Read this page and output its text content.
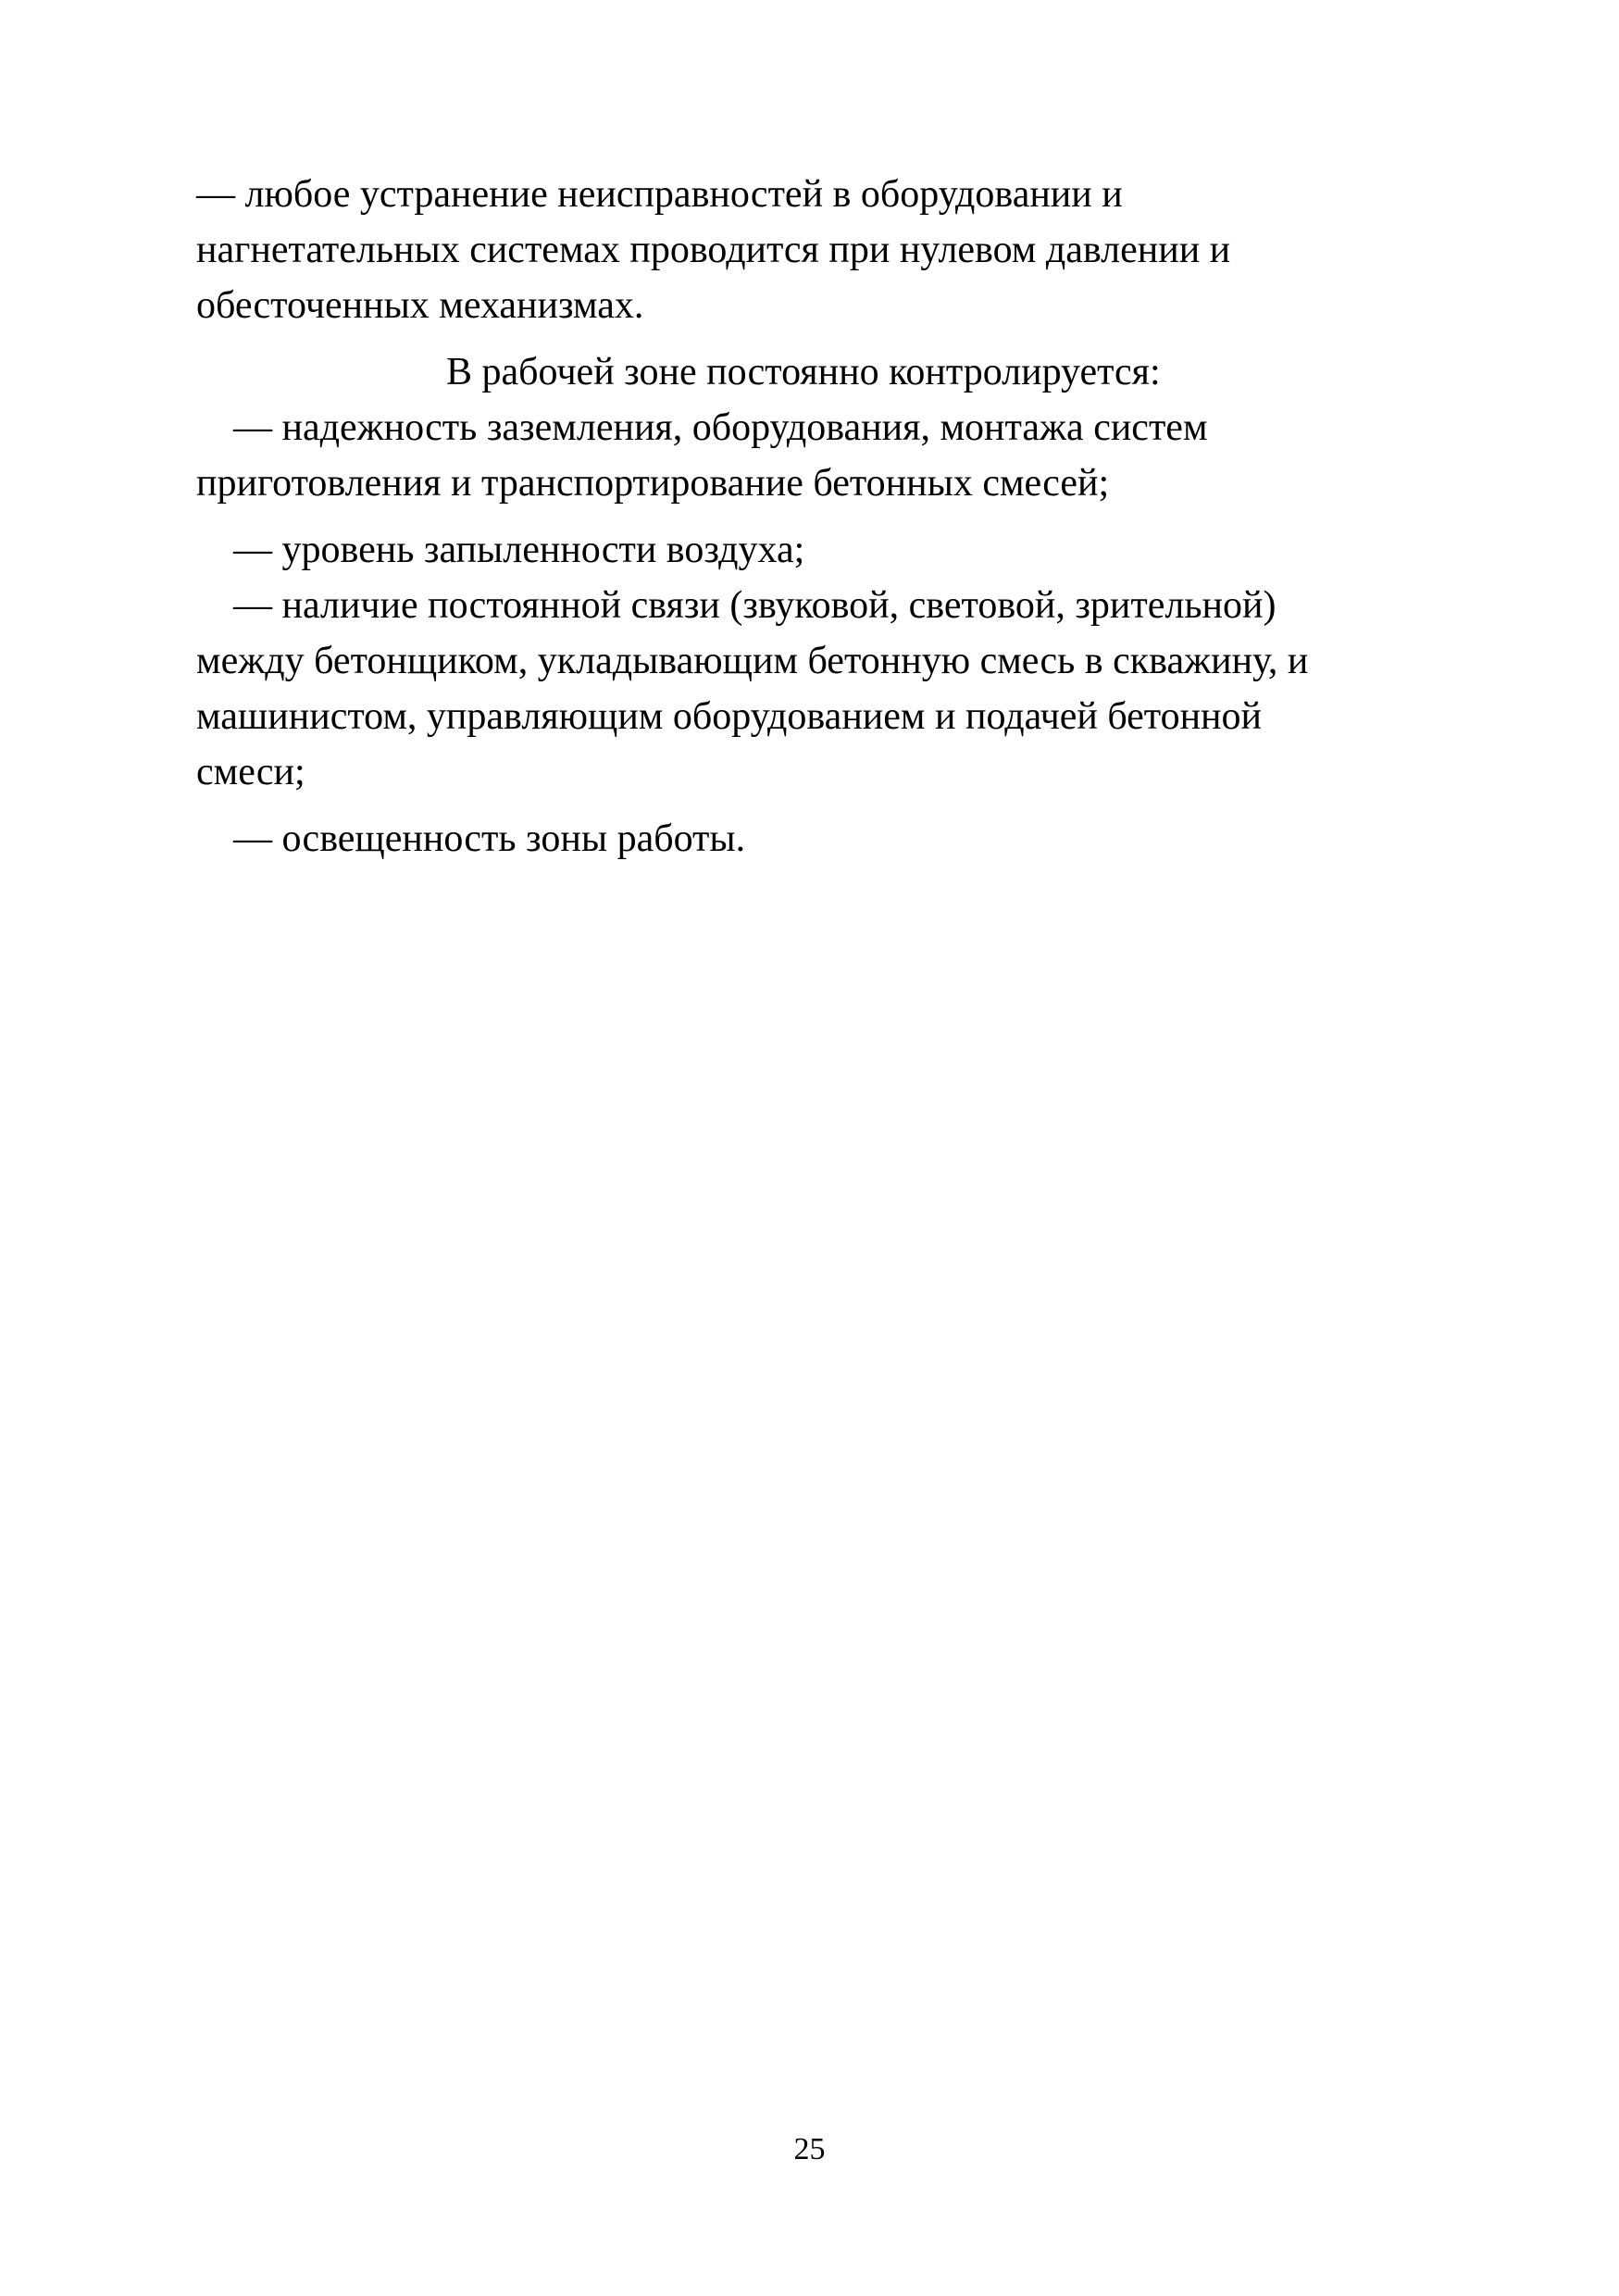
— любое устранение неисправностей в оборудовании и
нагнетательных системах проводится при нулевом давлении и
обесточенных механизмах.
В рабочей зоне постоянно контролируется:
— надежность заземления, оборудования, монтажа систем
приготовления и транспортирование бетонных смесей;
— уровень запыленности воздуха;
— наличие постоянной связи (звуковой, световой, зрительной)
между бетонщиком, укладывающим бетонную смесь в скважину, и
машинистом, управляющим оборудованием и подачей бетонной
смеси;
— освещенность зоны работы.
25
